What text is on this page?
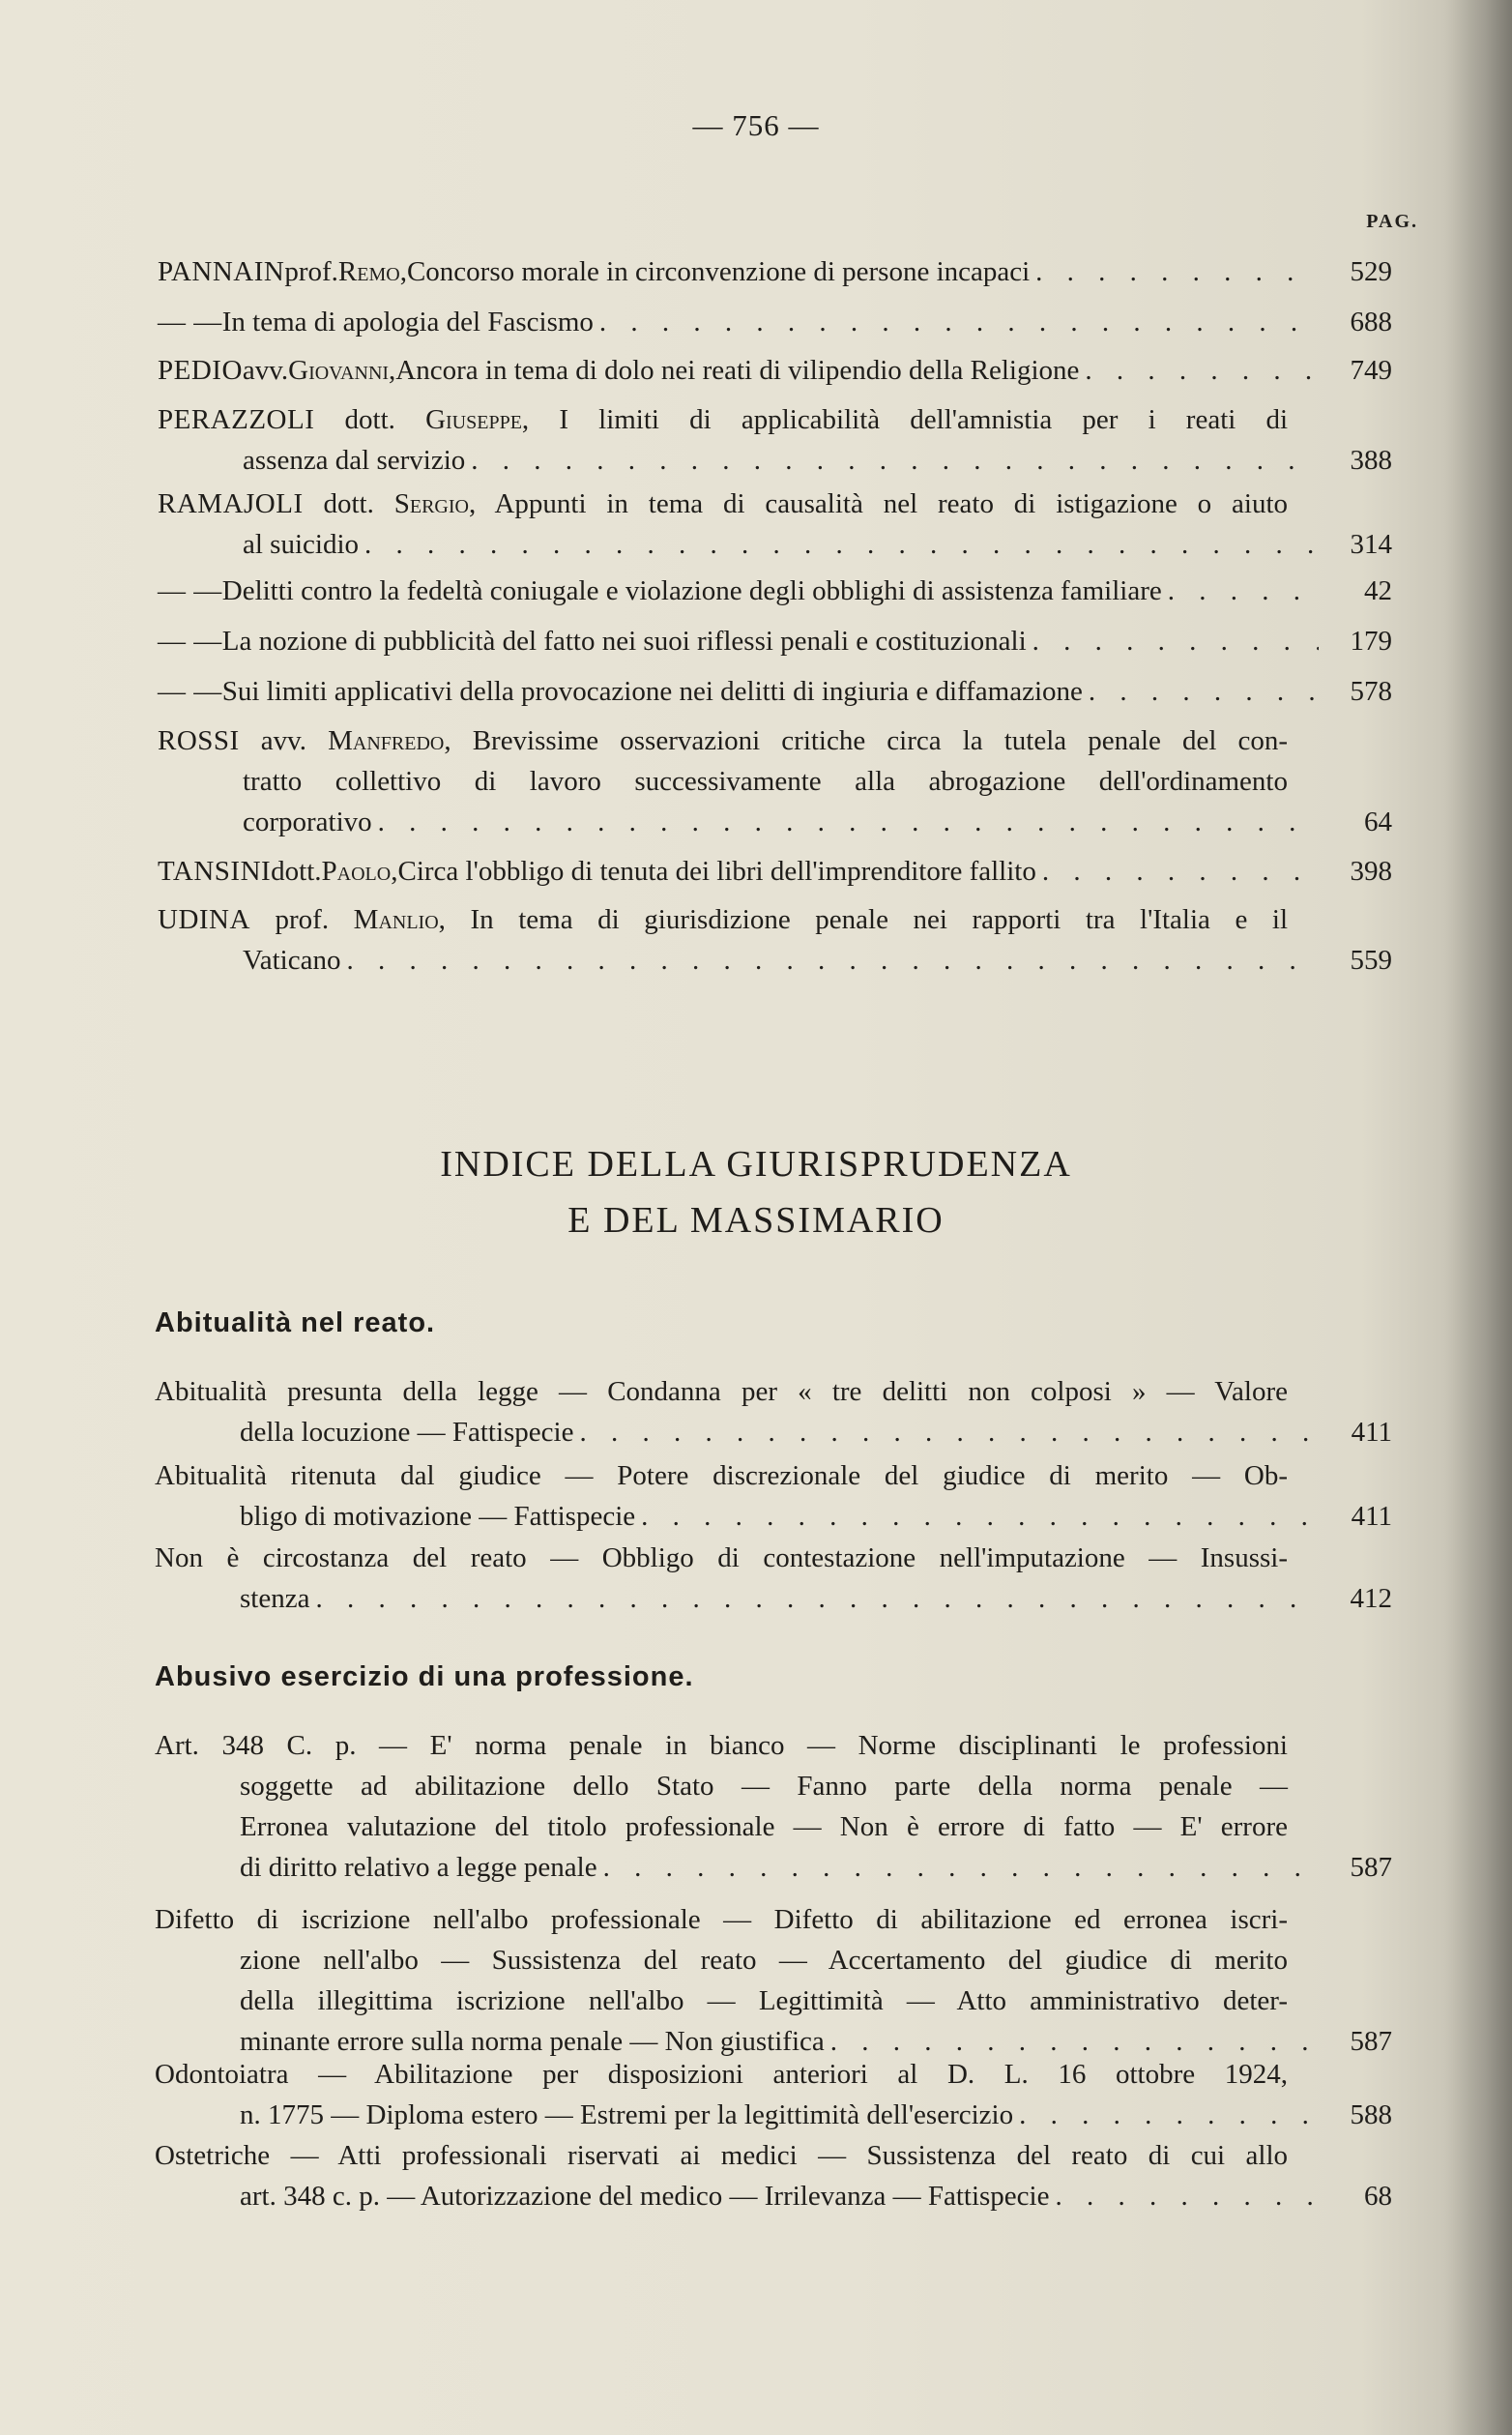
— 756 —
PAG.
PANNAIN prof. Remo , Concorso morale in circonvenzione di persone incapaci . . .	529
— — In tema di apologia del Fascismo . . .	688
PEDIO avv. Giovanni , Ancora in tema di dolo nei reati di vilipendio della Religione . . .	749
PERAZZOLI dott. Giuseppe, I limiti di applicabilità dell'amnistia per i reati di
assenza dal servizio . . .	388
RAMAJOLI dott. Sergio, Appunti in tema di causalità nel reato di istigazione o aiuto
al suicidio . . .	314
— — Delitti contro la fedeltà coniugale e violazione degli obblighi di assistenza familiare . . .	42
— — La nozione di pubblicità del fatto nei suoi riflessi penali e costituzionali . . .	179
— — Sui limiti applicativi della provocazione nei delitti di ingiuria e diffamazione . . .	578
ROSSI avv. Manfredo, Brevissime osservazioni critiche circa la tutela penale del con-
tratto collettivo di lavoro successivamente alla abrogazione dell'ordinamento
corporativo . . .	64
TANSINI dott. Paolo , Circa l'obbligo di tenuta dei libri dell'imprenditore fallito . . .	398
UDINA prof. Manlio, In tema di giurisdizione penale nei rapporti tra l'Italia e il
Vaticano . . .	559
INDICE DELLA GIURISPRUDENZA
E DEL MASSIMARIO
Abitualità nel reato.
Abitualità presunta della legge — Condanna per « tre delitti non colposi » — Valore
della locuzione — Fattispecie . . .	411
Abitualità ritenuta dal giudice — Potere discrezionale del giudice di merito — Ob-
bligo di motivazione — Fattispecie . . .	411
Non è circostanza del reato — Obbligo di contestazione nell'imputazione — Insussi-
stenza . . .	412
Abusivo esercizio di una professione.
Art. 348 C. p. — E' norma penale in bianco — Norme disciplinanti le professioni
soggette ad abilitazione dello Stato — Fanno parte della norma penale —
Erronea valutazione del titolo professionale — Non è errore di fatto — E' errore
di diritto relativo a legge penale . . .	587
Difetto di iscrizione nell'albo professionale — Difetto di abilitazione ed erronea iscri-
zione nell'albo — Sussistenza del reato — Accertamento del giudice di merito
della illegittima iscrizione nell'albo — Legittimità — Atto amministrativo deter-
minante errore sulla norma penale — Non giustifica . . .	587
Odontoiatra — Abilitazione per disposizioni anteriori al D. L. 16 ottobre 1924,
n. 1775 — Diploma estero — Estremi per la legittimità dell'esercizio . . .	588
Ostetriche — Atti professionali riservati ai medici — Sussistenza del reato di cui allo
art. 348 c. p. — Autorizzazione del medico — Irrilevanza — Fattispecie . . .	68
